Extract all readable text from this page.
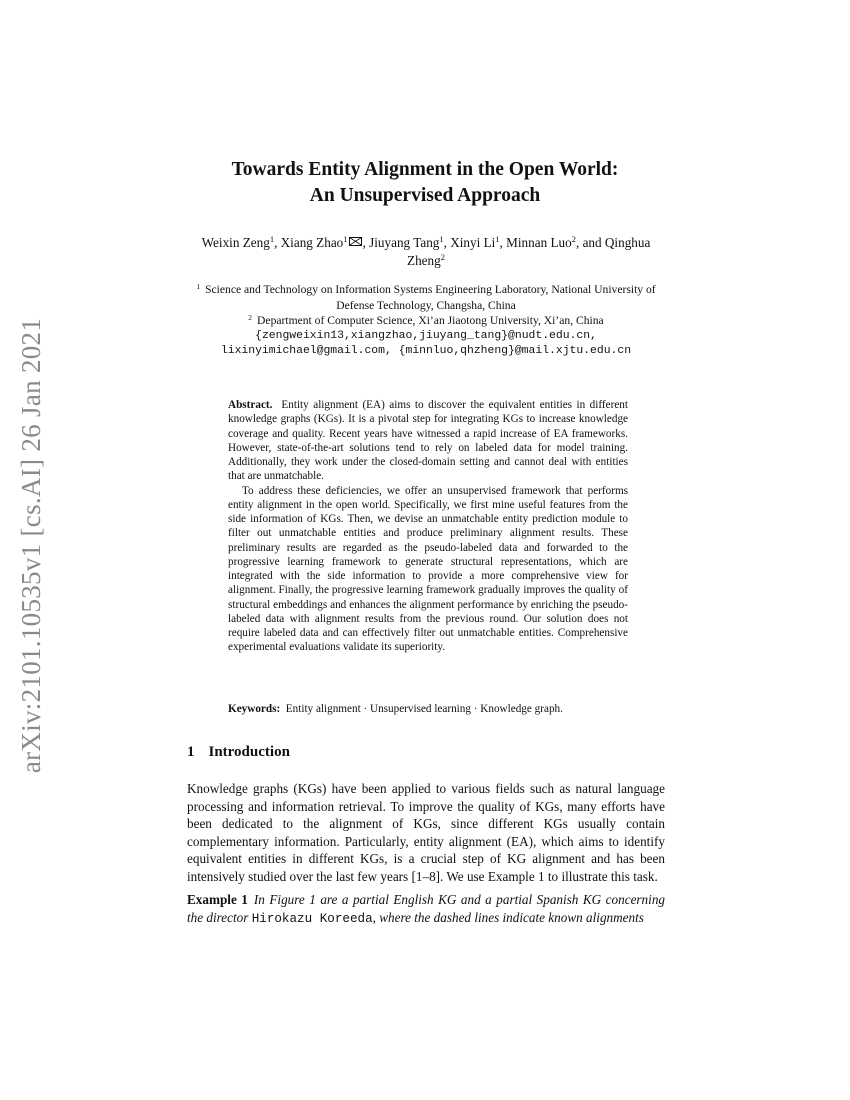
arXiv:2101.10535v1 [cs.AI] 26 Jan 2021
Towards Entity Alignment in the Open World:
An Unsupervised Approach
Weixin Zeng$^1$, Xiang Zhao$^1$ , Jiuyang Tang$^1$, Xinyi Li$^1$, Minnan Luo$^2$, and Qinghua Zheng$^2$
$^1$ Science and Technology on Information Systems Engineering Laboratory, National University of Defense Technology, Changsha, China
$^2$ Department of Computer Science, Xi’an Jiaotong University, Xi’an, China
{zengweixin13,xiangzhao,jiuyang_tang}@nudt.edu.cn,
lixinyimichael@gmail.com, {minnluo,qhzheng}@mail.xjtu.edu.cn

Abstract. Entity alignment (EA) aims to discover the equivalent entities in different knowledge graphs (KGs). It is a pivotal step for integrating KGs to increase knowledge coverage and quality. Recent years have witnessed a rapid increase of EA frameworks. However, state-of-the-art solutions tend to rely on labeled data for model training. Additionally, they work under the closed-domain setting and cannot deal with entities that are unmatchable.

To address these deficiencies, we offer an unsupervised framework that performs entity alignment in the open world. Specifically, we first mine useful features from the side information of KGs. Then, we devise an unmatchable entity prediction module to filter out unmatchable entities and produce preliminary alignment results. These preliminary results are regarded as the pseudo-labeled data and forwarded to the progressive learning framework to generate structural representations, which are integrated with the side information to provide a more comprehensive view for alignment. Finally, the progressive learning framework gradually improves the quality of structural embeddings and enhances the alignment performance by enriching the pseudo-labeled data with alignment results from the previous round. Our solution does not require labeled data and can effectively filter out unmatchable entities. Comprehensive experimental evaluations validate its superiority.

Keywords: Entity alignment · Unsupervised learning · Knowledge graph.
1 Introduction

Knowledge graphs (KGs) have been applied to various fields such as natural language processing and information retrieval. To improve the quality of KGs, many efforts have been dedicated to the alignment of KGs, since different KGs usually contain complementary information. Particularly, entity alignment (EA), which aims to identify equivalent entities in different KGs, is a crucial step of KG alignment and has been intensively studied over the last few years [1–8]. We use Example 1 to illustrate this task.

Example 1 In Figure 1 are a partial English KG and a partial Spanish KG concerning the director Hirokazu Koreeda, where the dashed lines indicate known alignments
